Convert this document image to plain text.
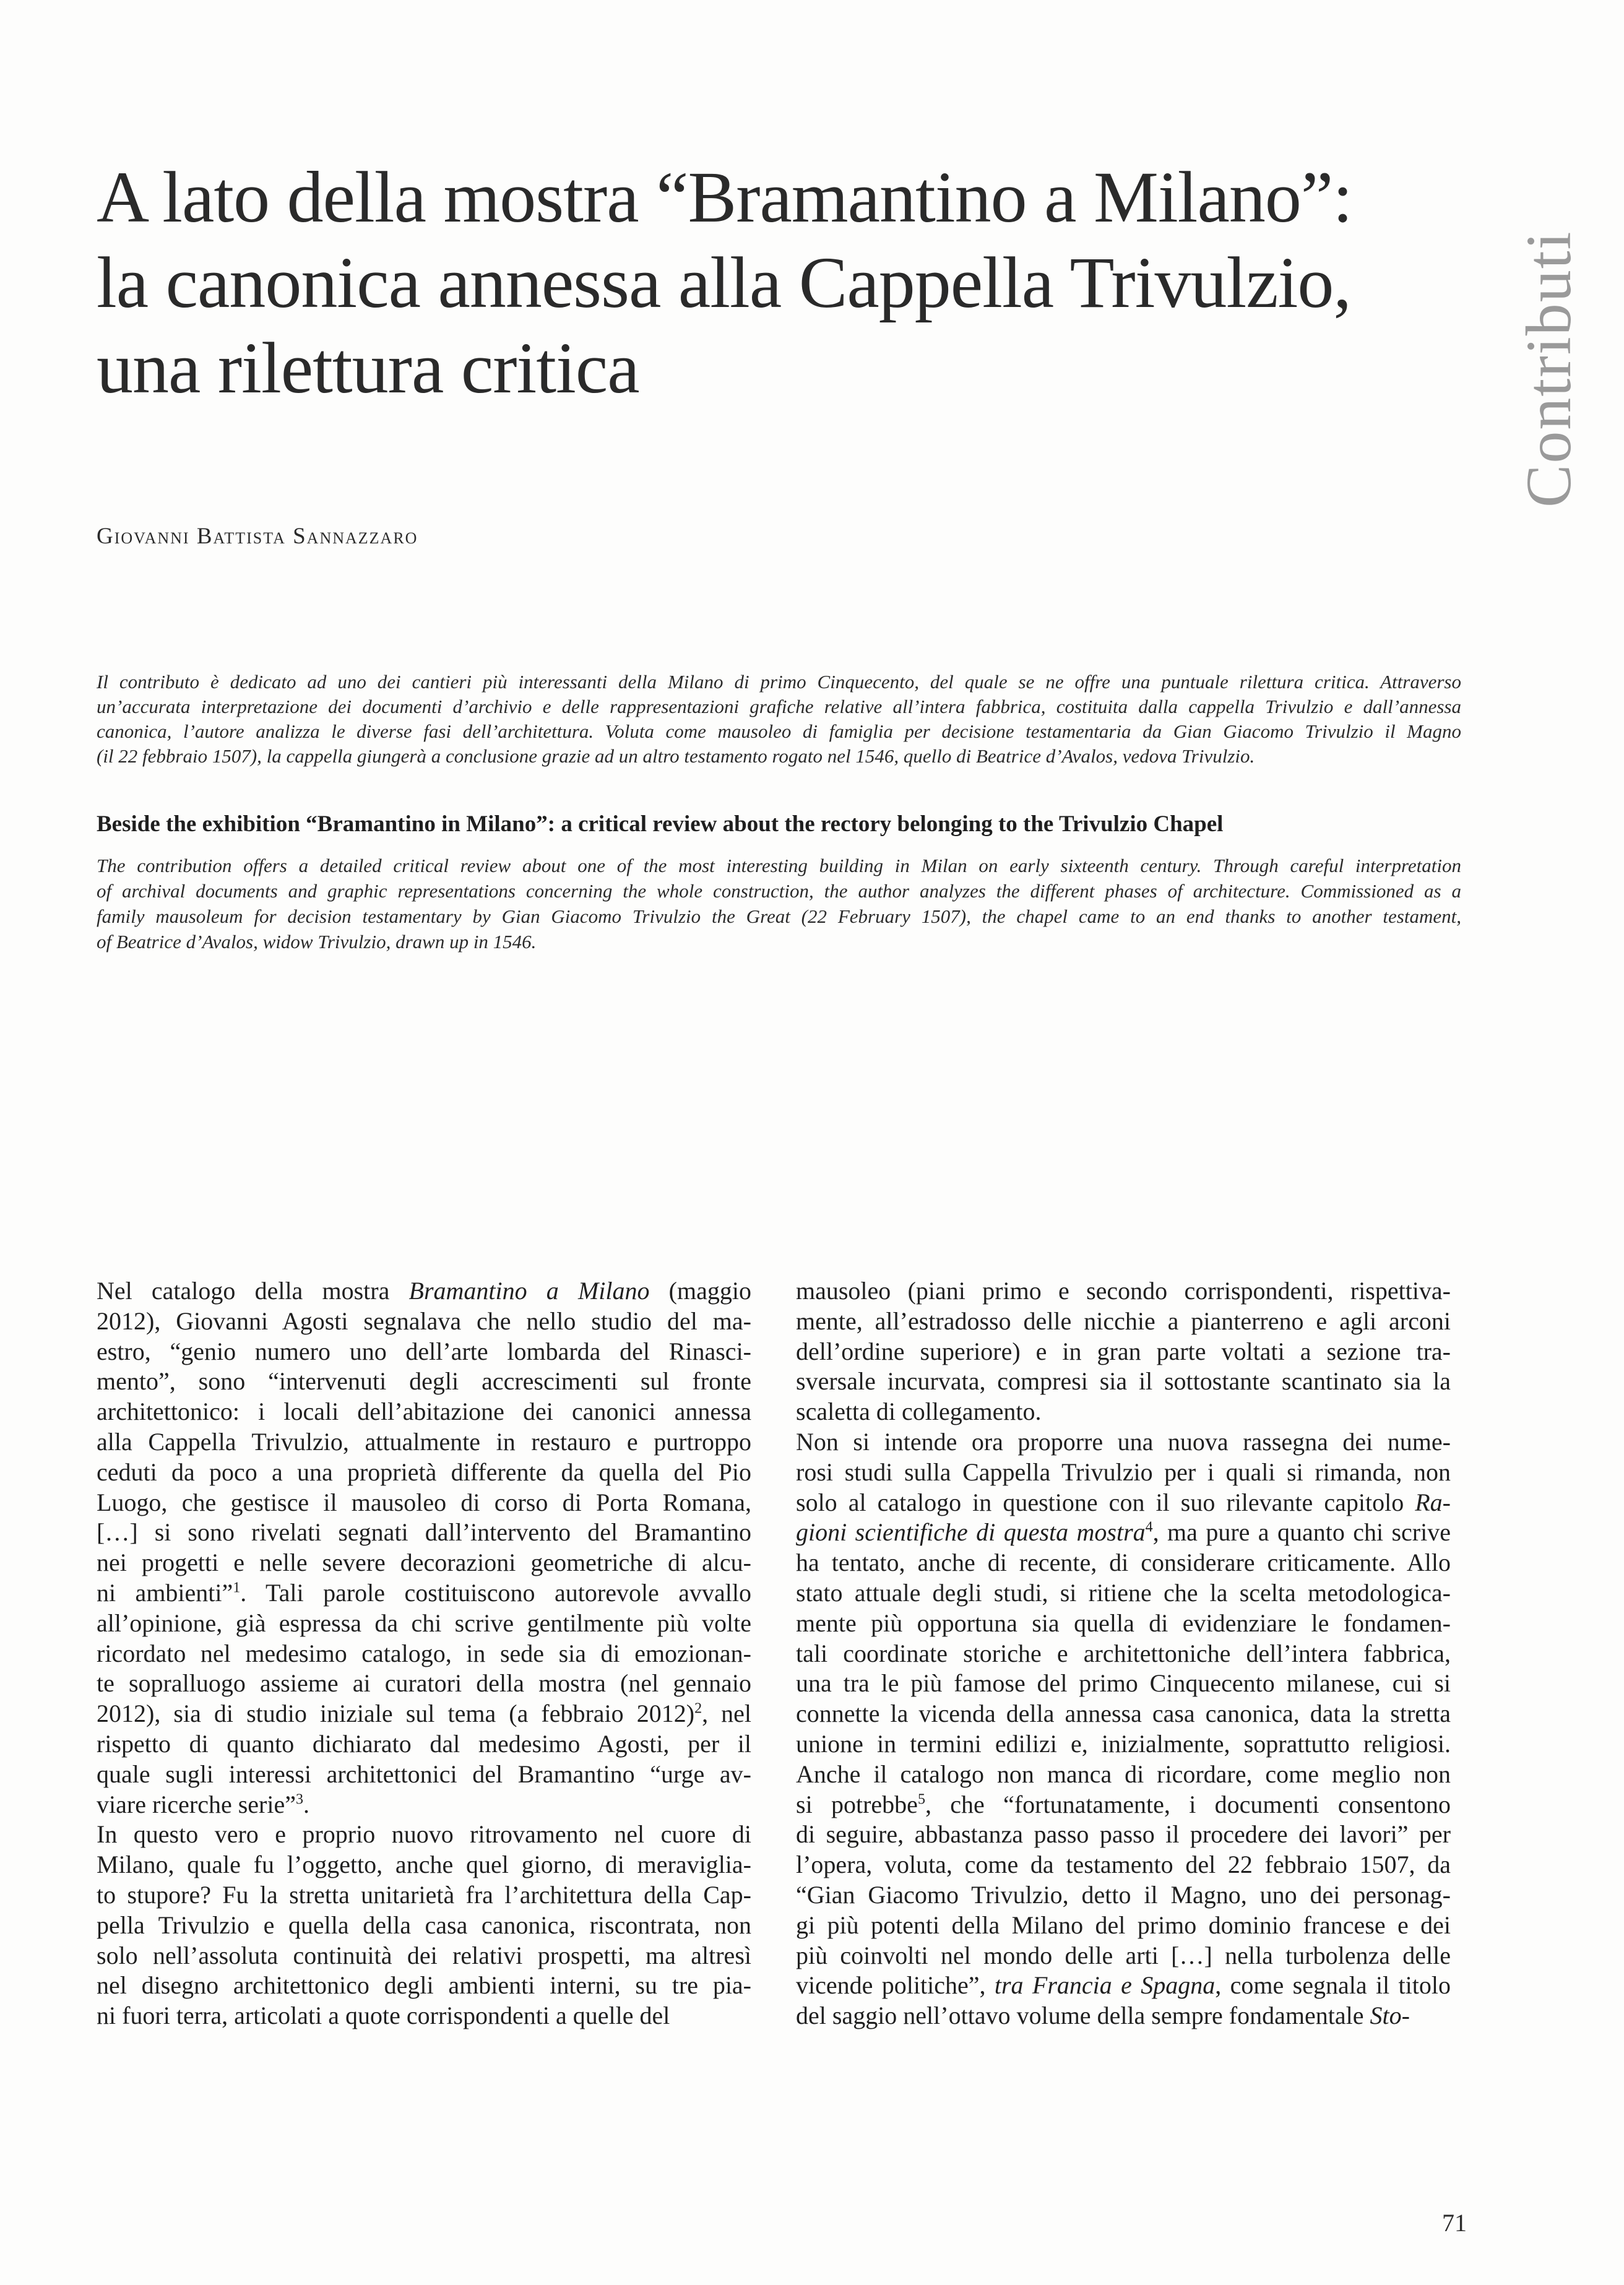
A lato della mostra “Bramantino a Milano”:
la canonica annessa alla Cappella Trivulzio,
una rilettura critica	Contributi
Giovanni Battista Sannazzaro
Il contributo è dedicato ad uno dei cantieri più interessanti della Milano di primo Cinquecento, del quale se ne offre una puntuale rilettura critica. Attraverso
un’accurata interpretazione dei documenti d’archivio e delle rappresentazioni grafiche relative all’intera fabbrica, costituita dalla cappella Trivulzio e dall’annessa
canonica, l’autore analizza le diverse fasi dell’architettura. Voluta come mausoleo di famiglia per decisione testamentaria da Gian Giacomo Trivulzio il Magno
(il 22 febbraio 1507), la cappella giungerà a conclusione grazie ad un altro testamento rogato nel 1546, quello di Beatrice d’Avalos, vedova Trivulzio.
Beside the exhibition “Bramantino in Milano”: a critical review about the rectory belonging to the Trivulzio Chapel
The contribution offers a detailed critical review about one of the most interesting building in Milan on early sixteenth century. Through careful interpretation
of archival documents and graphic representations concerning the whole construction, the author analyzes the different phases of architecture. Commissioned as a
family mausoleum for decision testamentary by Gian Giacomo Trivulzio the Great (22 February 1507), the chapel came to an end thanks to another testament,
of Beatrice d’Avalos, widow Trivulzio, drawn up in 1546.
Nel catalogo della mostra Bramantino a Milano (maggio
2012), Giovanni Agosti segnalava che nello studio del ma-
estro, “genio numero uno dell’arte lombarda del Rinasci-
mento”, sono “intervenuti degli accrescimenti sul fronte
architettonico: i locali dell’abitazione dei canonici annessa
alla Cappella Trivulzio, attualmente in restauro e purtroppo
ceduti da poco a una proprietà differente da quella del Pio
Luogo, che gestisce il mausoleo di corso di Porta Romana,
[…] si sono rivelati segnati dall’intervento del Bramantino
nei progetti e nelle severe decorazioni geometriche di alcu-
ni ambienti”$^1$. Tali parole costituiscono autorevole avvallo
all’opinione, già espressa da chi scrive gentilmente più volte
ricordato nel medesimo catalogo, in sede sia di emozionan-
te sopralluogo assieme ai curatori della mostra (nel gennaio
2012), sia di studio iniziale sul tema (a febbraio 2012)$^2$, nel
rispetto di quanto dichiarato dal medesimo Agosti, per il
quale sugli interessi architettonici del Bramantino “urge av-
viare ricerche serie”$^3$.
In questo vero e proprio nuovo ritrovamento nel cuore di
Milano, quale fu l’oggetto, anche quel giorno, di meraviglia-
to stupore? Fu la stretta unitarietà fra l’architettura della Cap-
pella Trivulzio e quella della casa canonica, riscontrata, non
solo nell’assoluta continuità dei relativi prospetti, ma altresì
nel disegno architettonico degli ambienti interni, su tre pia-
ni fuori terra, articolati a quote corrispondenti a quelle del
mausoleo (piani primo e secondo corrispondenti, rispettiva-
mente, all’estradosso delle nicchie a pianterreno e agli arconi
dell’ordine superiore) e in gran parte voltati a sezione tra-
sversale incurvata, compresi sia il sottostante scantinato sia la
scaletta di collegamento.
Non si intende ora proporre una nuova rassegna dei nume-
rosi studi sulla Cappella Trivulzio per i quali si rimanda, non
solo al catalogo in questione con il suo rilevante capitolo Ra-
gioni scientifiche di questa mostra$^4$, ma pure a quanto chi scrive
ha tentato, anche di recente, di considerare criticamente. Allo
stato attuale degli studi, si ritiene che la scelta metodologica-
mente più opportuna sia quella di evidenziare le fondamen-
tali coordinate storiche e architettoniche dell’intera fabbrica,
una tra le più famose del primo Cinquecento milanese, cui si
connette la vicenda della annessa casa canonica, data la stretta
unione in termini edilizi e, inizialmente, soprattutto religiosi.
Anche il catalogo non manca di ricordare, come meglio non
si potrebbe$^5$, che “fortunatamente, i documenti consentono
di seguire, abbastanza passo passo il procedere dei lavori” per
l’opera, voluta, come da testamento del 22 febbraio 1507, da
“Gian Giacomo Trivulzio, detto il Magno, uno dei personag-
gi più potenti della Milano del primo dominio francese e dei
più coinvolti nel mondo delle arti […] nella turbolenza delle
vicende politiche”, tra Francia e Spagna, come segnala il titolo
del saggio nell’ottavo volume della sempre fondamentale Sto-
71
